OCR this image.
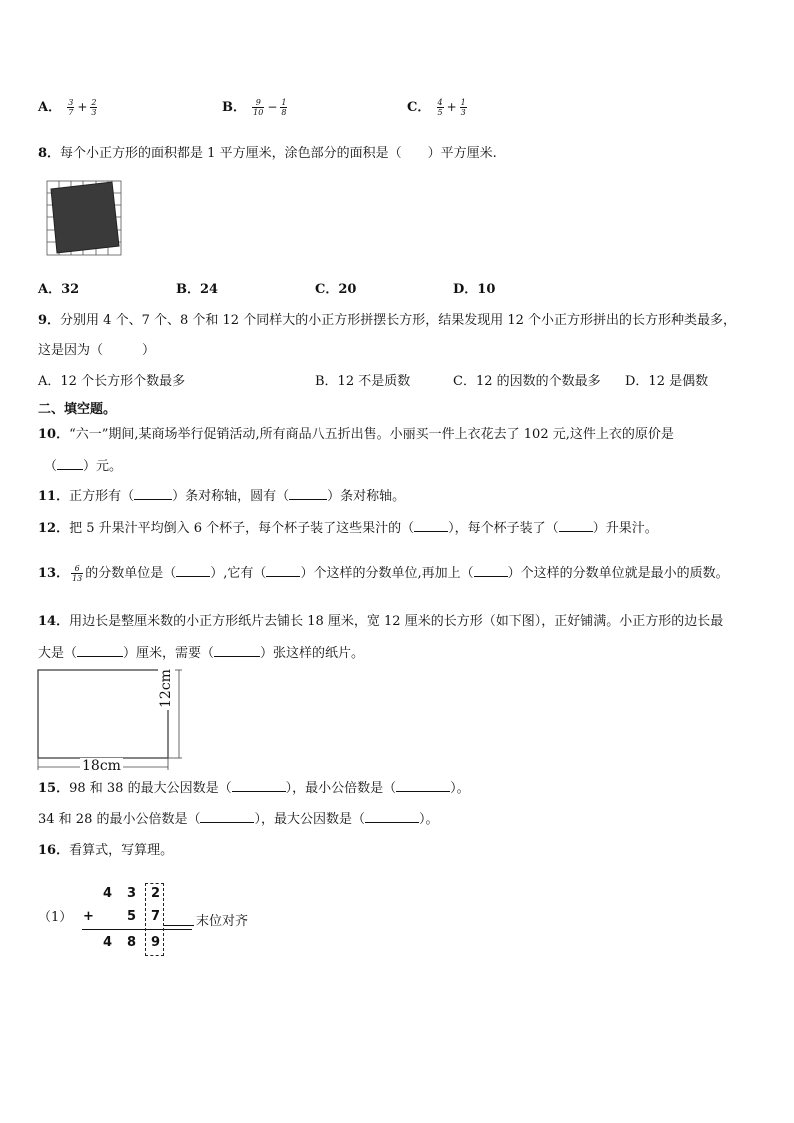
A． $\frac{3}{7} + \frac{2}{3}$	B． $\frac{9}{10} - \frac{1}{8}$	C． $\frac{4}{5} + \frac{1}{3}$
8．每个小正方形的面积都是 1 平方厘米，涂色部分的面积是（　　）平方厘米.
A．32	B．24	C．20	D．10
9．分别用 4 个、7 个、8 个和 12 个同样大的小正方形拼摆长方形，结果发现用 12 个小正方形拼出的长方形种类最多，
这是因为（　　　）
A．12 个长方形个数最多	B．12 不是质数	C．12 的因数的个数最多 D．12 是偶数
二、填空题。
10．“六一”期间,某商场举行促销活动,所有商品八五折出售。小丽买一件上衣花去了 102 元,这件上衣的原价是
（ ）元。
11．正方形有（	）条对称轴，圆有（	）条对称轴。
12．把 5 升果汁平均倒入 6 个杯子，每个杯子装了这些果汁的（	），每个杯子装了（	）升果汁。
13． $\frac{6}{13}$ 的分数单位是（	）,它有（	）个这样的分数单位,再加上（	）个这样的分数单位就是最小的质数。
14．用边长是整厘米数的小正方形纸片去铺长 18 厘米，宽 12 厘米的长方形（如下图），正好铺满。小正方形的边长最
大是（	）厘米，需要（	）张这样的纸片。
18cm
12cm
15．98 和 38 的最大公因数是（	），最小公倍数是（	）。
34 和 28 的最小公倍数是（	），最大公因数是（	）。
16．看算式，写算理。
（1）
4 3 2
+	5 7
4 8 9
末位对齐
